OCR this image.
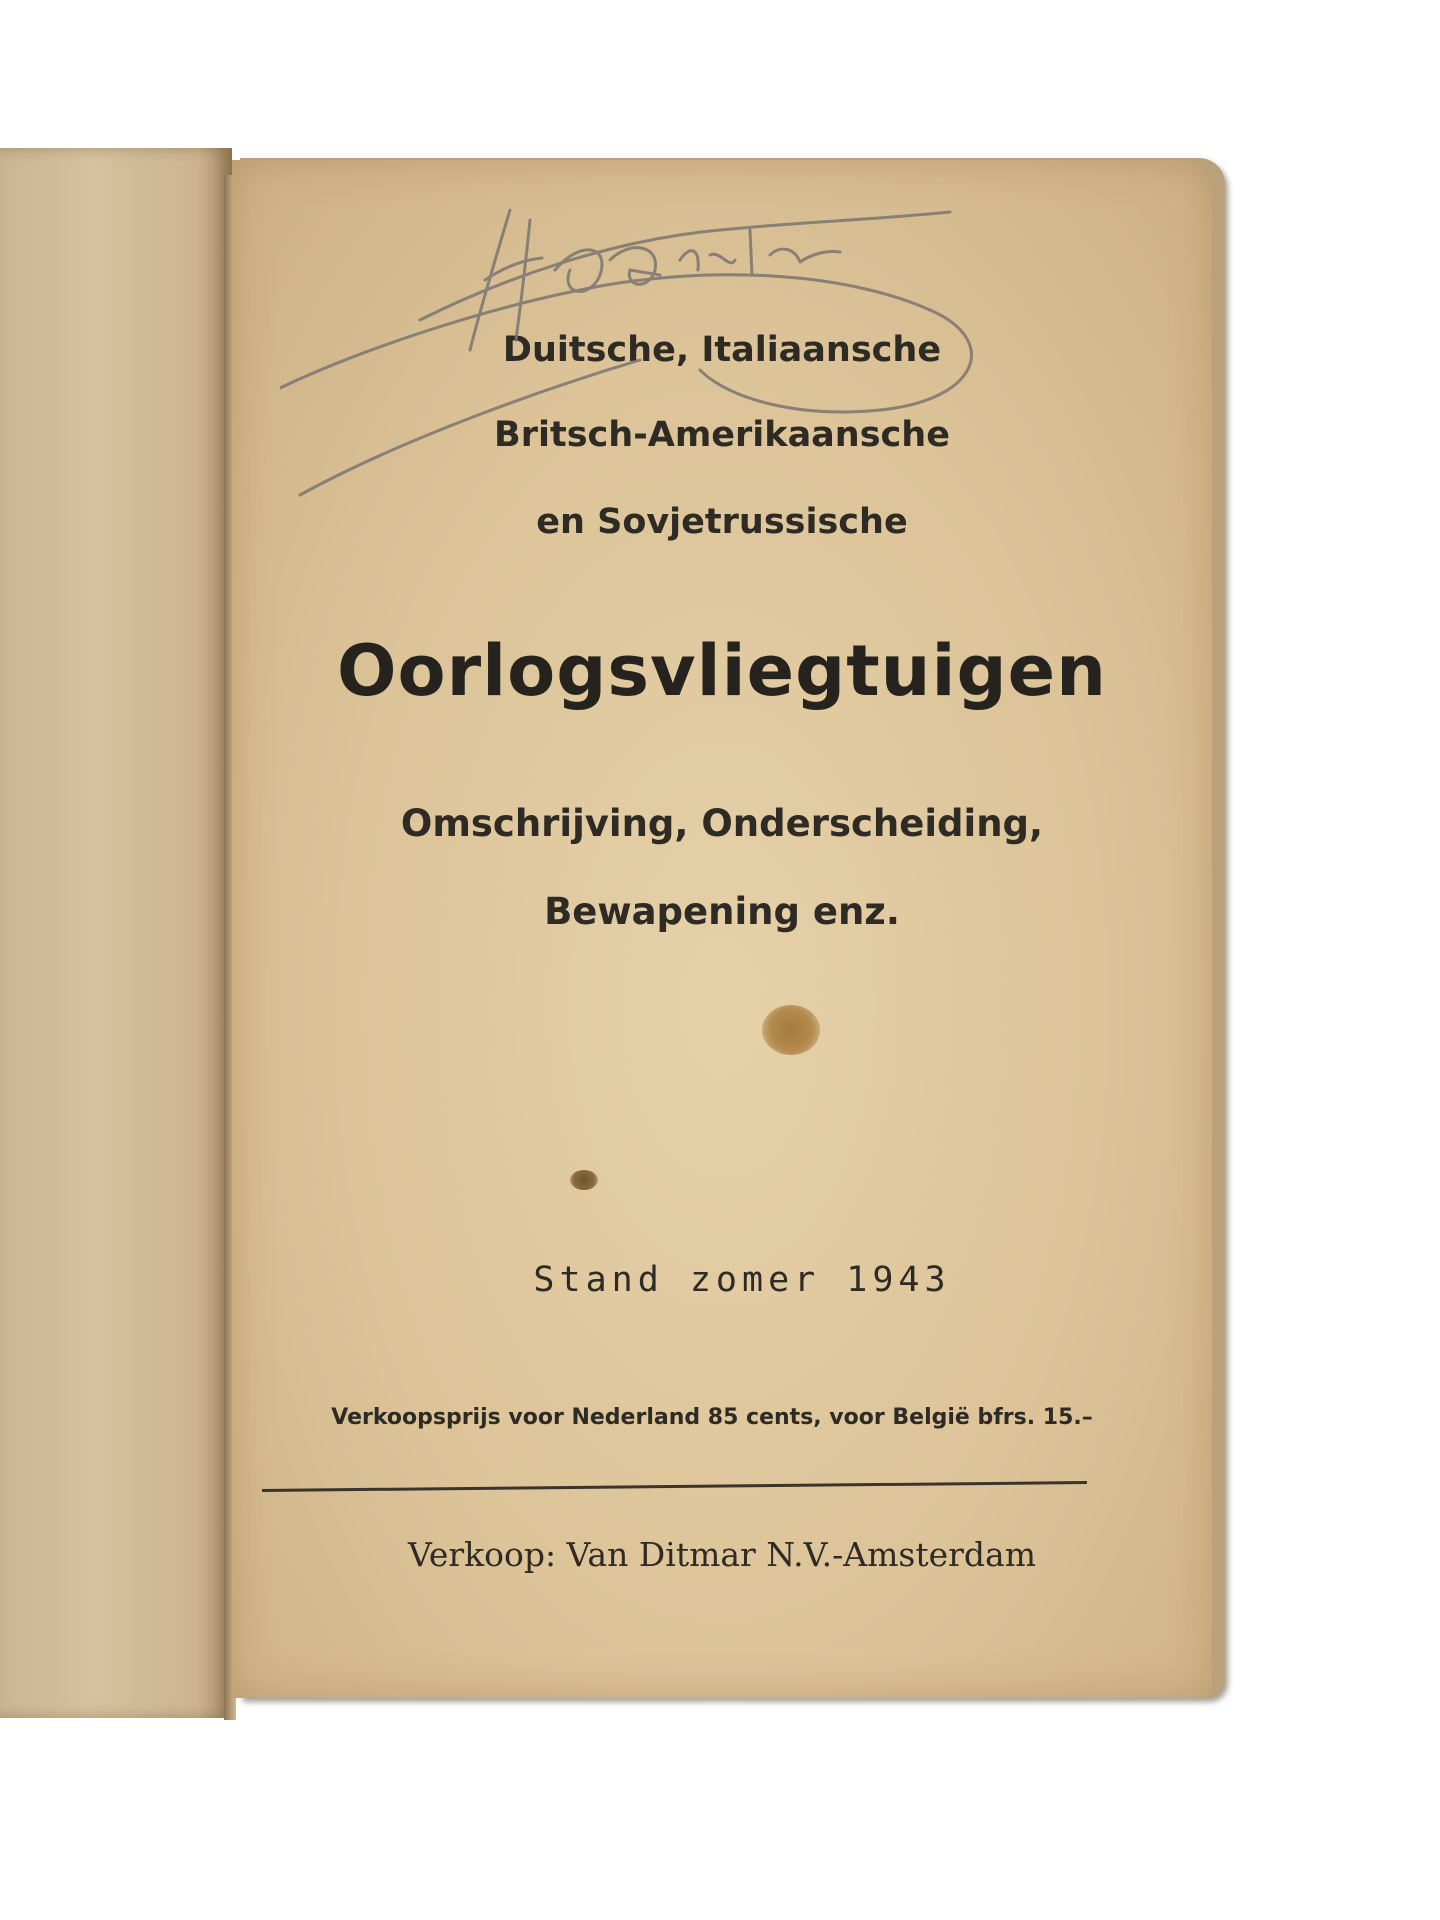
Duitsche, Italiaansche
Britsch-Amerikaansche
en Sovjetrussische
Oorlogsvliegtuigen
Omschrijving, Onderscheiding,
Bewapening enz.
Stand zomer 1943
Verkoopsprijs voor Nederland 85 cents, voor België bfrs. 15.–
Verkoop: Van Ditmar N.V.-Amsterdam
